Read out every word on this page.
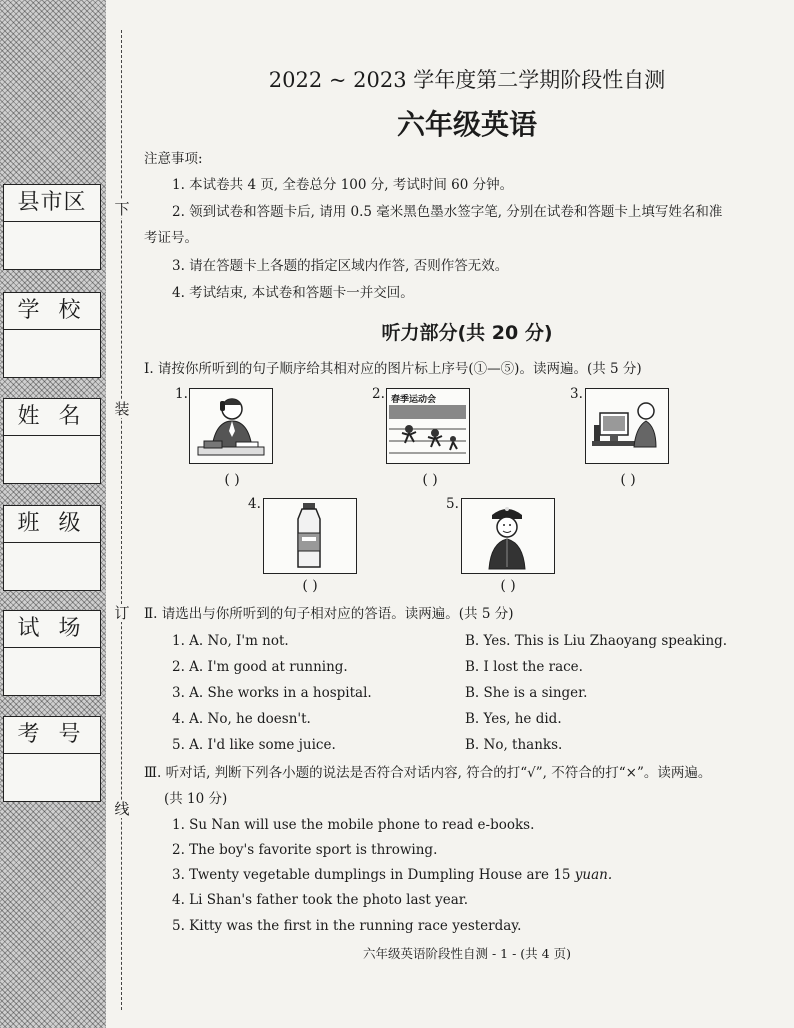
下
装
订
线
县市区
学 校
姓 名
班 级
试 场
考 号
2022 ~ 2023 学年度第二学期阶段性自测
六年级英语
注意事项:
1. 本试卷共 4 页, 全卷总分 100 分, 考试时间 60 分钟。
2. 领到试卷和答题卡后, 请用 0.5 毫米黑色墨水签字笔, 分别在试卷和答题卡上填写姓名和准
考证号。
3. 请在答题卡上各题的指定区域内作答, 否则作答无效。
4. 考试结束, 本试卷和答题卡一并交回。
听力部分(共 20 分)
Ⅰ. 请按你所听到的句子顺序给其相对应的图片标上序号(①—⑤)。读两遍。(共 5 分)
1.
( )
2. 春季运动会
( )
3.
( )
4.
( )
5.
( )
Ⅱ. 请选出与你所听到的句子相对应的答语。读两遍。(共 5 分)
1. A. No, I'm not.	B. Yes. This is Liu Zhaoyang speaking.
2. A. I'm good at running.	B. I lost the race.
3. A. She works in a hospital.	B. She is a singer.
4. A. No, he doesn't.	B. Yes, he did.
5. A. I'd like some juice.	B. No, thanks.
Ⅲ. 听对话, 判断下列各小题的说法是否符合对话内容, 符合的打“√”, 不符合的打“×”。读两遍。
(共 10 分)
1. Su Nan will use the mobile phone to read e-books.
2. The boy's favorite sport is throwing.
3. Twenty vegetable dumplings in Dumpling House are 15 yuan.
4. Li Shan's father took the photo last year.
5. Kitty was the first in the running race yesterday.
六年级英语阶段性自测 - 1 - (共 4 页)
